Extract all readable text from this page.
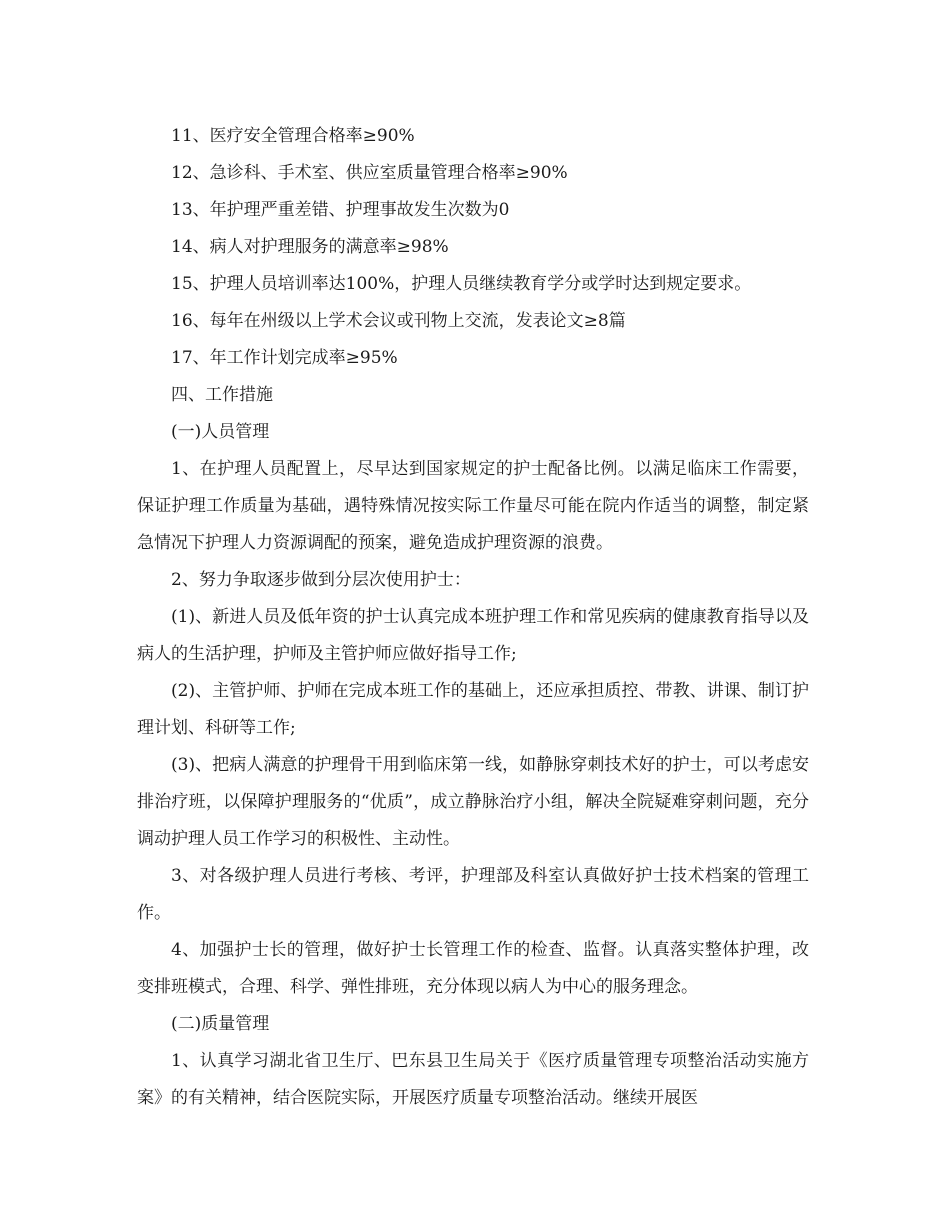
11、医疗安全管理合格率≥90%

12、急诊科、手术室、供应室质量管理合格率≥90%

13、年护理严重差错、护理事故发生次数为0

14、病人对护理服务的满意率≥98%

15、护理人员培训率达100%，护理人员继续教育学分或学时达到规定要求。

16、每年在州级以上学术会议或刊物上交流，发表论文≥8篇

17、年工作计划完成率≥95%

四、工作措施

(一)人员管理

1、在护理人员配置上，尽早达到国家规定的护士配备比例。以满足临床工作需要，保证护理工作质量为基础，遇特殊情况按实际工作量尽可能在院内作适当的调整，制定紧急情况下护理人力资源调配的预案，避免造成护理资源的浪费。

2、努力争取逐步做到分层次使用护士：

(1)、新进人员及低年资的护士认真完成本班护理工作和常见疾病的健康教育指导以及病人的生活护理，护师及主管护师应做好指导工作;

(2)、主管护师、护师在完成本班工作的基础上，还应承担质控、带教、讲课、制订护理计划、科研等工作;

(3)、把病人满意的护理骨干用到临床第一线，如静脉穿刺技术好的护士，可以考虑安排治疗班，以保障护理服务的“优质”，成立静脉治疗小组，解决全院疑难穿刺问题，充分调动护理人员工作学习的积极性、主动性。

3、对各级护理人员进行考核、考评，护理部及科室认真做好护士技术档案的管理工作。

4、加强护士长的管理，做好护士长管理工作的检查、监督。认真落实整体护理，改变排班模式，合理、科学、弹性排班，充分体现以病人为中心的服务理念。

(二)质量管理

1、认真学习湖北省卫生厅、巴东县卫生局关于《医疗质量管理专项整治活动实施方案》的有关精神，结合医院实际，开展医疗质量专项整治活动。继续开展医
